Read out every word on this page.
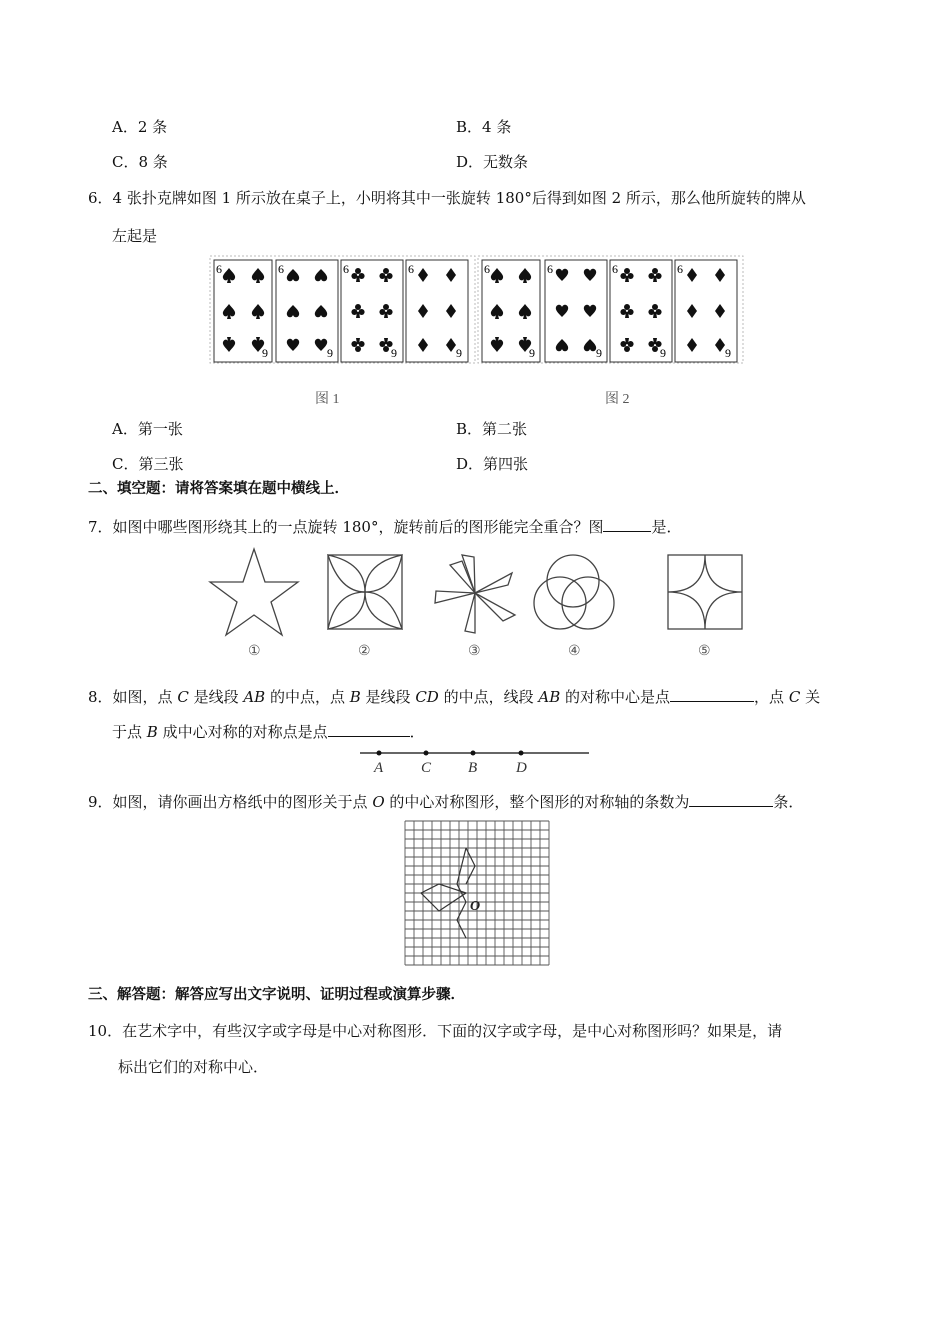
A．2 条	B．4 条
C．8 条	D．无数条
6．4 张扑克牌如图 1 所示放在桌子上，小明将其中一张旋转 180°后得到如图 2 所示，那么他所旋转的牌从
左起是
6
9
6
9
6
9
6
9
6
9
6
9
6
9
6
9
图 1	图 2
A．第一张	B．第二张
C．第三张	D．第四张
二、填空题：请将答案填在题中横线上．
7．如图中哪些图形绕其上的一点旋转 180°，旋转前后的图形能完全重合？图	是．
①	②	③	④	⑤
8．如图，点 C 是线段 AB 的中点，点 B 是线段 CD 的中点，线段 AB 的对称中心是点	，点 C 关
于点 B 成中心对称的对称点是点	．
A	C B	D
9．如图，请你画出方格纸中的图形关于点 O 的中心对称图形，整个图形的对称轴的条数为	条．
O
三、解答题：解答应写出文字说明、证明过程或演算步骤．
10．在艺术字中，有些汉字或字母是中心对称图形．下面的汉字或字母，是中心对称图形吗？如果是，请
标出它们的对称中心．
